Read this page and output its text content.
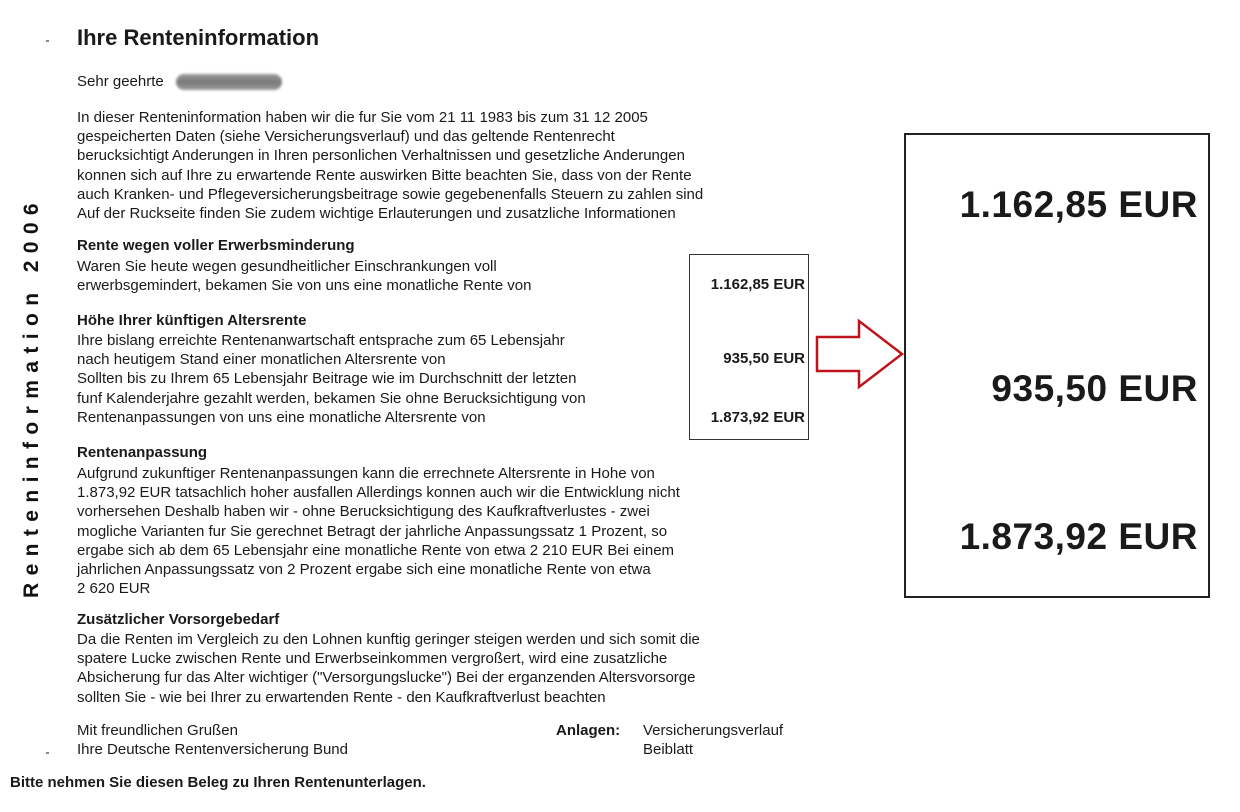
Renteninformation 2006
Ihre Renteninformation
Sehr geehrte
In dieser Renteninformation haben wir die fur Sie vom 21 11 1983 bis zum 31 12 2005
gespeicherten Daten (siehe Versicherungsverlauf) und das geltende Rentenrecht
berucksichtigt Anderungen in Ihren personlichen Verhaltnissen und gesetzliche Anderungen
konnen sich auf Ihre zu erwartende Rente auswirken Bitte beachten Sie, dass von der Rente
auch Kranken- und Pflegeversicherungsbeitrage sowie gegebenenfalls Steuern zu zahlen sind
Auf der Ruckseite finden Sie zudem wichtige Erlauterungen und zusatzliche Informationen
Rente wegen voller Erwerbsminderung
Waren Sie heute wegen gesundheitlicher Einschrankungen voll
erwerbsgemindert, bekamen Sie von uns eine monatliche Rente von
Höhe Ihrer künftigen Altersrente
Ihre bislang erreichte Rentenanwartschaft entsprache zum 65 Lebensjahr
nach heutigem Stand einer monatlichen Altersrente von
Sollten bis zu Ihrem 65 Lebensjahr Beitrage wie im Durchschnitt der letzten
funf Kalenderjahre gezahlt werden, bekamen Sie ohne Berucksichtigung von
Rentenanpassungen von uns eine monatliche Altersrente von
1.162,85 EUR
935,50 EUR
1.873,92 EUR
1.162,85 EUR
935,50 EUR
1.873,92 EUR
Rentenanpassung
Aufgrund zukunftiger Rentenanpassungen kann die errechnete Altersrente in Hohe von
1.873,92 EUR tatsachlich hoher ausfallen Allerdings konnen auch wir die Entwicklung nicht
vorhersehen Deshalb haben wir - ohne Berucksichtigung des Kaufkraftverlustes - zwei
mogliche Varianten fur Sie gerechnet Betragt der jahrliche Anpassungssatz 1 Prozent, so
ergabe sich ab dem 65 Lebensjahr eine monatliche Rente von etwa 2 210 EUR Bei einem
jahrlichen Anpassungssatz von 2 Prozent ergabe sich eine monatliche Rente von etwa
2 620 EUR
Zusätzlicher Vorsorgebedarf
Da die Renten im Vergleich zu den Lohnen kunftig geringer steigen werden und sich somit die
spatere Lucke zwischen Rente und Erwerbseinkommen vergroßert, wird eine zusatzliche
Absicherung fur das Alter wichtiger ("Versorgungslucke") Bei der erganzenden Altersvorsorge
sollten Sie - wie bei Ihrer zu erwartenden Rente - den Kaufkraftverlust beachten
Mit freundlichen Grußen
Ihre Deutsche Rentenversicherung Bund
Anlagen: Versicherungsverlauf
Beiblatt
Bitte nehmen Sie diesen Beleg zu Ihren Rentenunterlagen.
